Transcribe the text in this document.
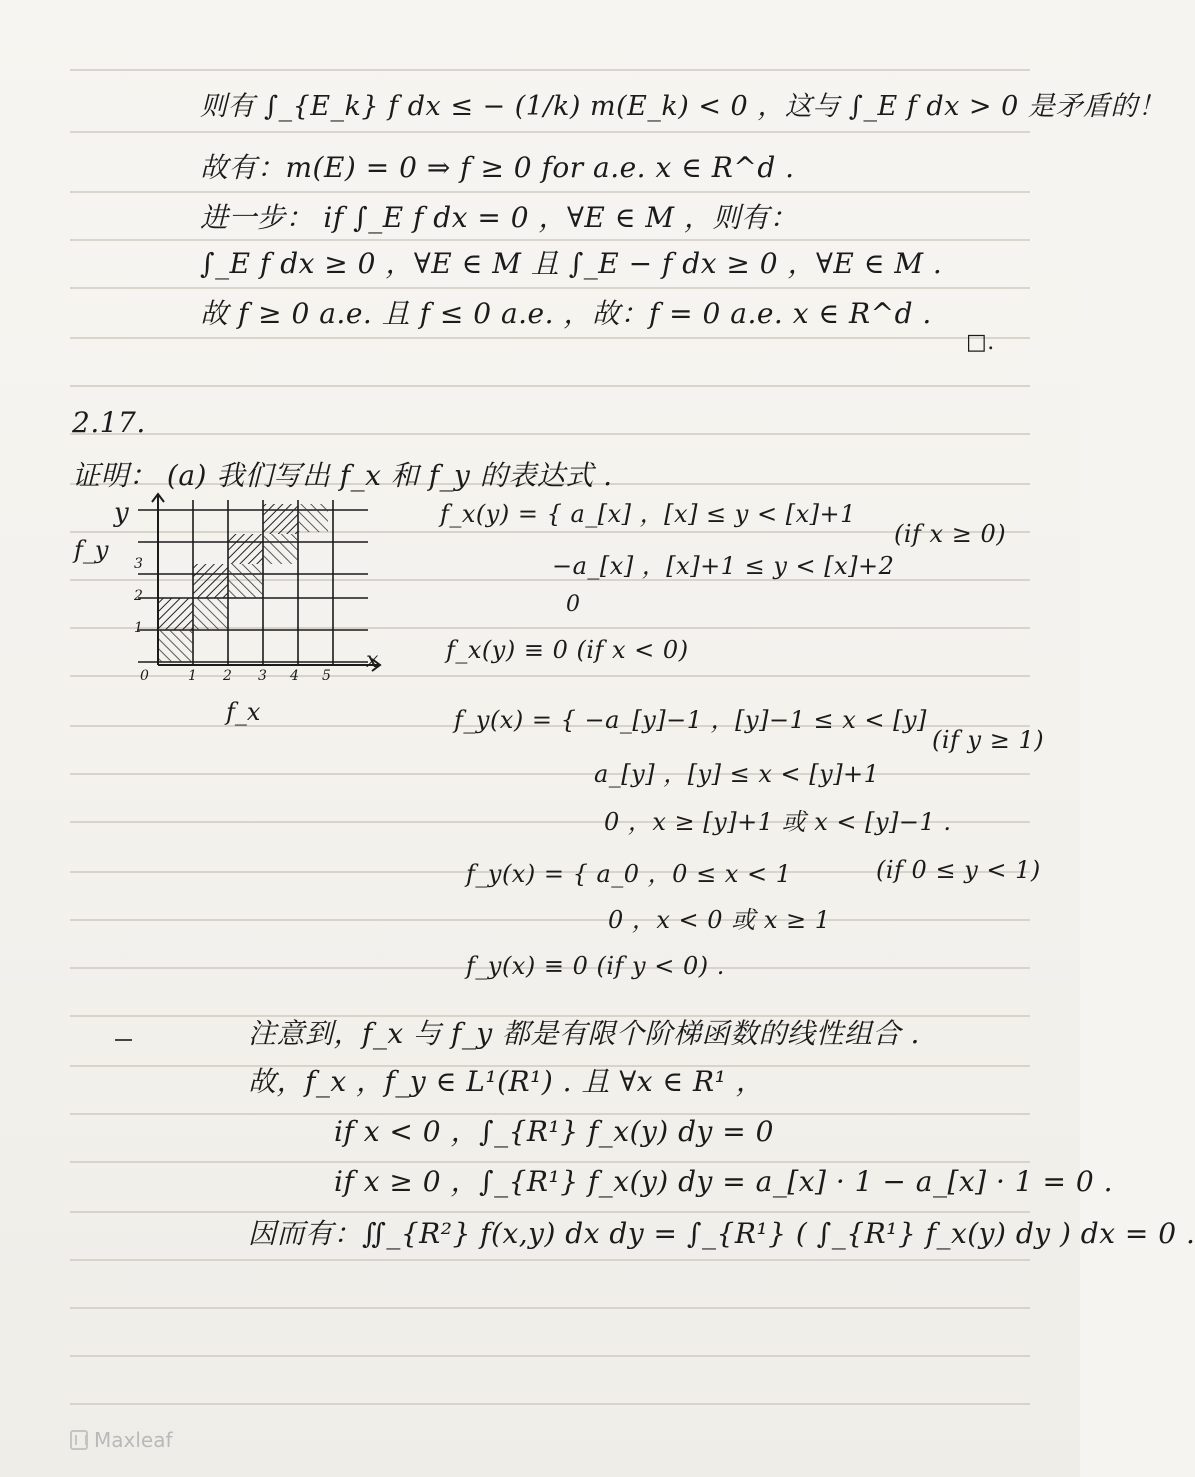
则有 ∫_{E_k} f dx ≤ − (1/k) m(E_k) < 0 ，这与 ∫_E f dx > 0 是矛盾的！
故有：m(E) = 0 ⇒ f ≥ 0 for a.e. x ∈ R^d .
进一步： if ∫_E f dx = 0 ，∀E ∈ M ，则有：
∫_E f dx ≥ 0 ，∀E ∈ M 且 ∫_E − f dx ≥ 0 ，∀E ∈ M .
故 f ≥ 0 a.e. 且 f ≤ 0 a.e. ，故：f = 0 a.e. x ∈ R^d .
□.
2.17.
证明： (a) 我们写出 f_x 和 f_y 的表达式 .
y
x
f_y
f_x
0	1 2 3 4 5
1
2
3
f_x(y) = { a_[x] ，[x] ≤ y < [x]+1
−a_[x] ，[x]+1 ≤ y < [x]+2
0
(if x ≥ 0)
f_x(y) ≡ 0 (if x < 0)
f_y(x) = { −a_[y]−1 ，[y]−1 ≤ x < [y]
a_[y] ，[y] ≤ x < [y]+1
0 ，x ≥ [y]+1 或 x < [y]−1 .
(if y ≥ 1)
f_y(x) = { a_0 ，0 ≤ x < 1
0 ，x < 0 或 x ≥ 1
(if 0 ≤ y < 1)
f_y(x) ≡ 0 (if y < 0) .
注意到，f_x 与 f_y 都是有限个阶梯函数的线性组合 .
故，f_x ，f_y ∈ L¹(R¹) . 且 ∀x ∈ R¹ ，
if x < 0 ，∫_{R¹} f_x(y) dy = 0
if x ≥ 0 ，∫_{R¹} f_x(y) dy = a_[x] · 1 − a_[x] · 1 = 0 .
因而有：∬_{R²} f(x,y) dx dy = ∫_{R¹} ( ∫_{R¹} f_x(y) dy ) dx = 0 .
Maxleaf
